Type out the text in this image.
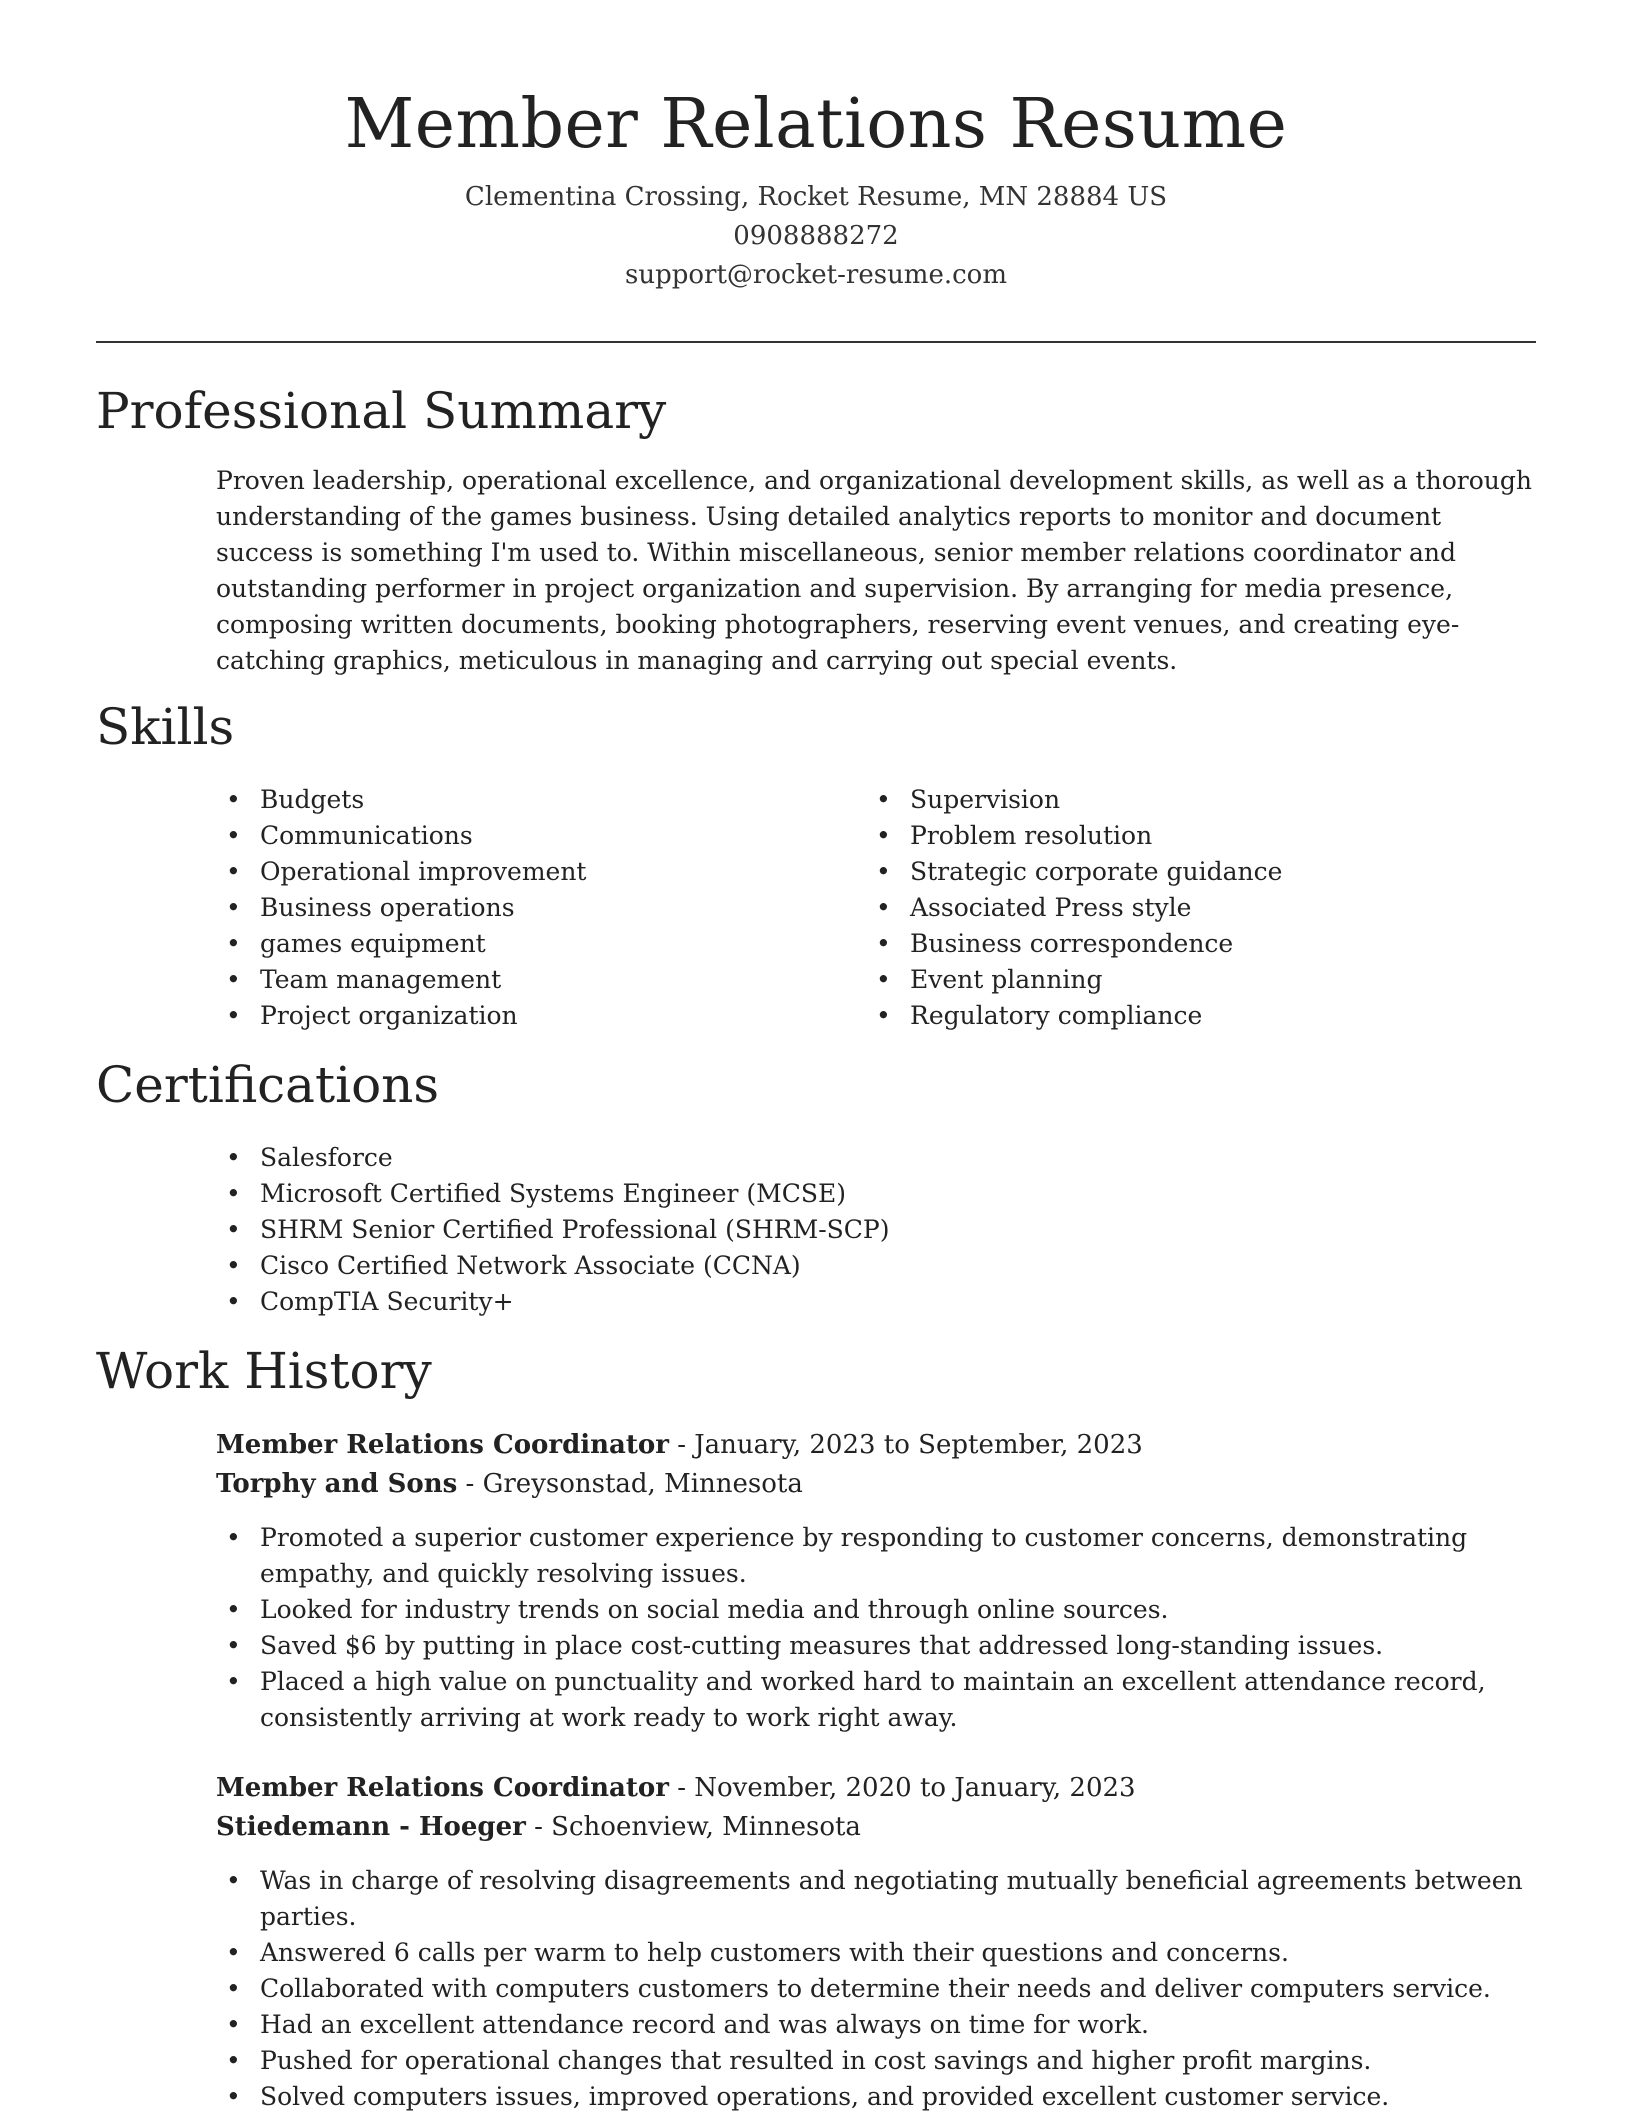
Member Relations Resume
Clementina Crossing, Rocket Resume, MN 28884 US
0908888272
support@rocket-resume.com
Professional Summary

Proven leadership, operational excellence, and organizational development skills, as well as a thorough understanding of the games business. Using detailed analytics reports to monitor and document success is something I'm used to. Within miscellaneous, senior member relations coordinator and outstanding performer in project organization and supervision. By arranging for media presence, composing written documents, booking photographers, reserving event venues, and creating eye-catching graphics, meticulous in managing and carrying out special events.

Skills
• Budgets
• Communications
• Operational improvement
• Business operations
• games equipment
• Team management
• Project organization
• Supervision
• Problem resolution
• Strategic corporate guidance
• Associated Press style
• Business correspondence
• Event planning
• Regulatory compliance
Certifications
• Salesforce
• Microsoft Certified Systems Engineer (MCSE)
• SHRM Senior Certified Professional (SHRM-SCP)
• Cisco Certified Network Associate (CCNA)
• CompTIA Security+
Work History
Member Relations Coordinator - January, 2023 to September, 2023
Torphy and Sons - Greysonstad, Minnesota
• Promoted a superior customer experience by responding to customer concerns, demonstrating empathy, and quickly resolving issues.
• Looked for industry trends on social media and through online sources.
• Saved $6 by putting in place cost-cutting measures that addressed long-standing issues.
• Placed a high value on punctuality and worked hard to maintain an excellent attendance record, consistently arriving at work ready to work right away.
Member Relations Coordinator - November, 2020 to January, 2023
Stiedemann - Hoeger - Schoenview, Minnesota
• Was in charge of resolving disagreements and negotiating mutually beneficial agreements between parties.
• Answered 6 calls per warm to help customers with their questions and concerns.
• Collaborated with computers customers to determine their needs and deliver computers service.
• Had an excellent attendance record and was always on time for work.
• Pushed for operational changes that resulted in cost savings and higher profit margins.
• Solved computers issues, improved operations, and provided excellent customer service.
